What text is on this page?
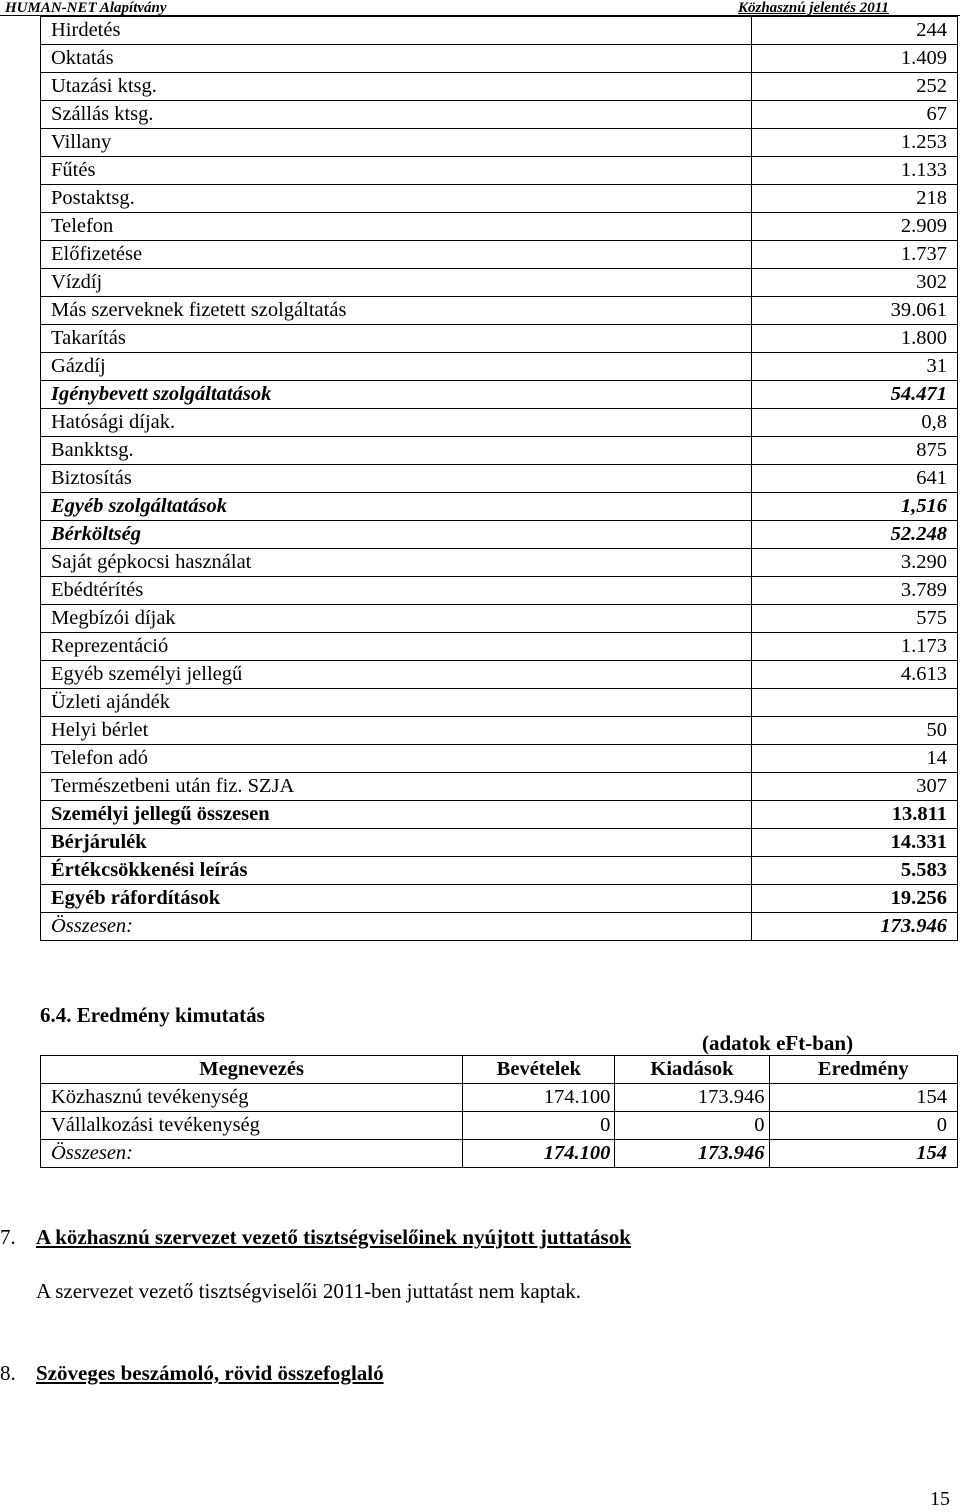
HUMAN-NET Alapítvány	Közhasznú jelentés 2011
Hirdetés	244
Oktatás	1.409
Utazási ktsg.	252
Szállás ktsg.	67
Villany	1.253
Fűtés	1.133
Postaktsg.	218
Telefon	2.909
Előfizetése	1.737
Vízdíj	302
Más szerveknek fizetett szolgáltatás	39.061
Takarítás	1.800
Gázdíj	31
Igénybevett szolgáltatások	54.471
Hatósági díjak.	0,8
Bankktsg.	875
Biztosítás	641
Egyéb szolgáltatások	1,516
Bérköltség	52.248
Saját gépkocsi használat	3.290
Ebédtérítés	3.789
Megbízói díjak	575
Reprezentáció	1.173
Egyéb személyi jellegű	4.613
Üzleti ajándék	
Helyi bérlet	50
Telefon adó	14
Természetbeni után fiz. SZJA	307
Személyi jellegű összesen	13.811
Bérjárulék	14.331
Értékcsökkenési leírás	5.583
Egyéb ráfordítások	19.256
Összesen:	173.946
6.4. Eredmény kimutatás
(adatok eFt-ban)
Megnevezés	Bevételek	Kiadások	Eredmény
Közhasznú tevékenység	174.100	173.946	154
Vállalkozási tevékenység	0	0	0
Összesen:	174.100	173.946	154
7. A közhasznú szervezet vezető tisztségviselőinek nyújtott juttatások
A szervezet vezető tisztségviselői 2011-ben juttatást nem kaptak.
8. Szöveges beszámoló, rövid összefoglaló
15
